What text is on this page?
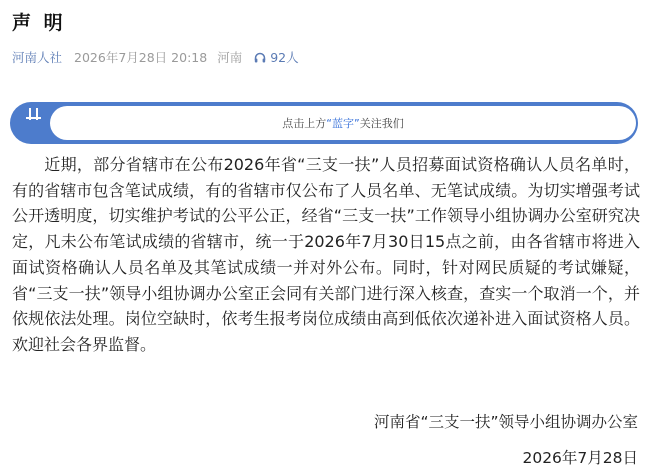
声 明
河南人社 2026年7月28日 20:18 河南 92人
点击上方 “蓝字” 关注我们

近期，部分省辖市在公布2026年省“三支一扶”人员招募面试资格确认人员名单时，有的省辖市包含笔试成绩，有的省辖市仅公布了人员名单、无笔试成绩。为切实增强考试公开透明度，切实维护考试的公平公正，经省“三支一扶”工作领导小组协调办公室研究决定，凡未公布笔试成绩的省辖市，统一于2026年7月30日15点之前，由各省辖市将进入面试资格确认人员名单及其笔试成绩一并对外公布。同时，针对网民质疑的考试嫌疑，省“三支一扶”领导小组协调办公室正会同有关部门进行深入核查，查实一个取消一个，并依规依法处理。岗位空缺时，依考生报考岗位成绩由高到低依次递补进入面试资格人员。欢迎社会各界监督。

河南省“三支一扶”领导小组协调办公室
2026年7月28日
